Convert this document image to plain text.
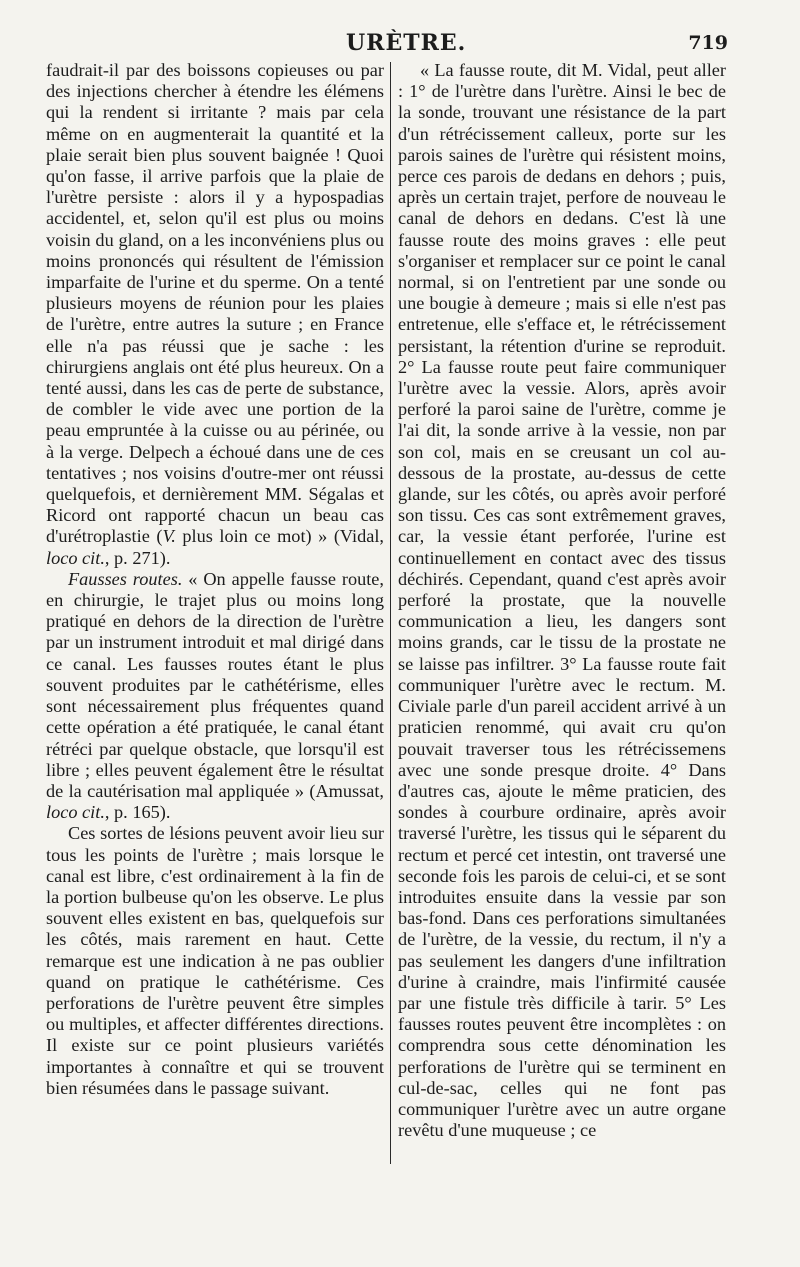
URÈTRE.	719

faudrait-il par des boissons copieuses ou par des injections chercher à étendre les élémens qui la rendent si irritante ? mais par cela même on en augmenterait la quantité et la plaie serait bien plus souvent baignée ! Quoi qu'on fasse, il arrive parfois que la plaie de l'urètre persiste : alors il y a hypospadias accidentel, et, selon qu'il est plus ou moins voisin du gland, on a les inconvéniens plus ou moins prononcés qui résultent de l'émission imparfaite de l'urine et du sperme. On a tenté plusieurs moyens de réunion pour les plaies de l'urètre, entre autres la suture ; en France elle n'a pas réussi que je sache : les chirurgiens anglais ont été plus heureux. On a tenté aussi, dans les cas de perte de substance, de combler le vide avec une portion de la peau empruntée à la cuisse ou au périnée, ou à la verge. Delpech a échoué dans une de ces tentatives ; nos voisins d'outre-mer ont réussi quelquefois, et dernièrement MM. Ségalas et Ricord ont rapporté chacun un beau cas d'urétroplastie (V. plus loin ce mot) » (Vidal, loco cit., p. 271).

Fausses routes. « On appelle fausse route, en chirurgie, le trajet plus ou moins long pratiqué en dehors de la direction de l'urètre par un instrument introduit et mal dirigé dans ce canal. Les fausses routes étant le plus souvent produites par le cathétérisme, elles sont nécessairement plus fréquentes quand cette opération a été pratiquée, le canal étant rétréci par quelque obstacle, que lorsqu'il est libre ; elles peuvent également être le résultat de la cautérisation mal appliquée » (Amussat, loco cit., p. 165).

Ces sortes de lésions peuvent avoir lieu sur tous les points de l'urètre ; mais lorsque le canal est libre, c'est ordinairement à la fin de la portion bulbeuse qu'on les observe. Le plus souvent elles existent en bas, quelquefois sur les côtés, mais rarement en haut. Cette remarque est une indication à ne pas oublier quand on pratique le cathétérisme. Ces perforations de l'urètre peuvent être simples ou multiples, et affecter différentes directions. Il existe sur ce point plusieurs variétés importantes à connaître et qui se trouvent bien résumées dans le passage suivant.

« La fausse route, dit M. Vidal, peut aller : 1° de l'urètre dans l'urètre. Ainsi le bec de la sonde, trouvant une résistance de la part d'un rétrécissement calleux, porte sur les parois saines de l'urètre qui résistent moins, perce ces parois de dedans en dehors ; puis, après un certain trajet, perfore de nouveau le canal de dehors en dedans. C'est là une fausse route des moins graves : elle peut s'organiser et remplacer sur ce point le canal normal, si on l'entretient par une sonde ou une bougie à demeure ; mais si elle n'est pas entretenue, elle s'efface et, le rétrécissement persistant, la rétention d'urine se reproduit. 2° La fausse route peut faire communiquer l'urètre avec la vessie. Alors, après avoir perforé la paroi saine de l'urètre, comme je l'ai dit, la sonde arrive à la vessie, non par son col, mais en se creusant un col au-dessous de la prostate, au-dessus de cette glande, sur les côtés, ou après avoir perforé son tissu. Ces cas sont extrêmement graves, car, la vessie étant perforée, l'urine est continuellement en contact avec des tissus déchirés. Cependant, quand c'est après avoir perforé la prostate, que la nouvelle communication a lieu, les dangers sont moins grands, car le tissu de la prostate ne se laisse pas infiltrer. 3° La fausse route fait communiquer l'urètre avec le rectum. M. Civiale parle d'un pareil accident arrivé à un praticien renommé, qui avait cru qu'on pouvait traverser tous les rétrécissemens avec une sonde presque droite. 4° Dans d'autres cas, ajoute le même praticien, des sondes à courbure ordinaire, après avoir traversé l'urètre, les tissus qui le séparent du rectum et percé cet intestin, ont traversé une seconde fois les parois de celui-ci, et se sont introduites ensuite dans la vessie par son bas-fond. Dans ces perforations simultanées de l'urètre, de la vessie, du rectum, il n'y a pas seulement les dangers d'une infiltration d'urine à craindre, mais l'infirmité causée par une fistule très difficile à tarir. 5° Les fausses routes peuvent être incomplètes : on comprendra sous cette dénomination les perforations de l'urètre qui se terminent en cul-de-sac, celles qui ne font pas communiquer l'urètre avec un autre organe revêtu d'une muqueuse ; ce
